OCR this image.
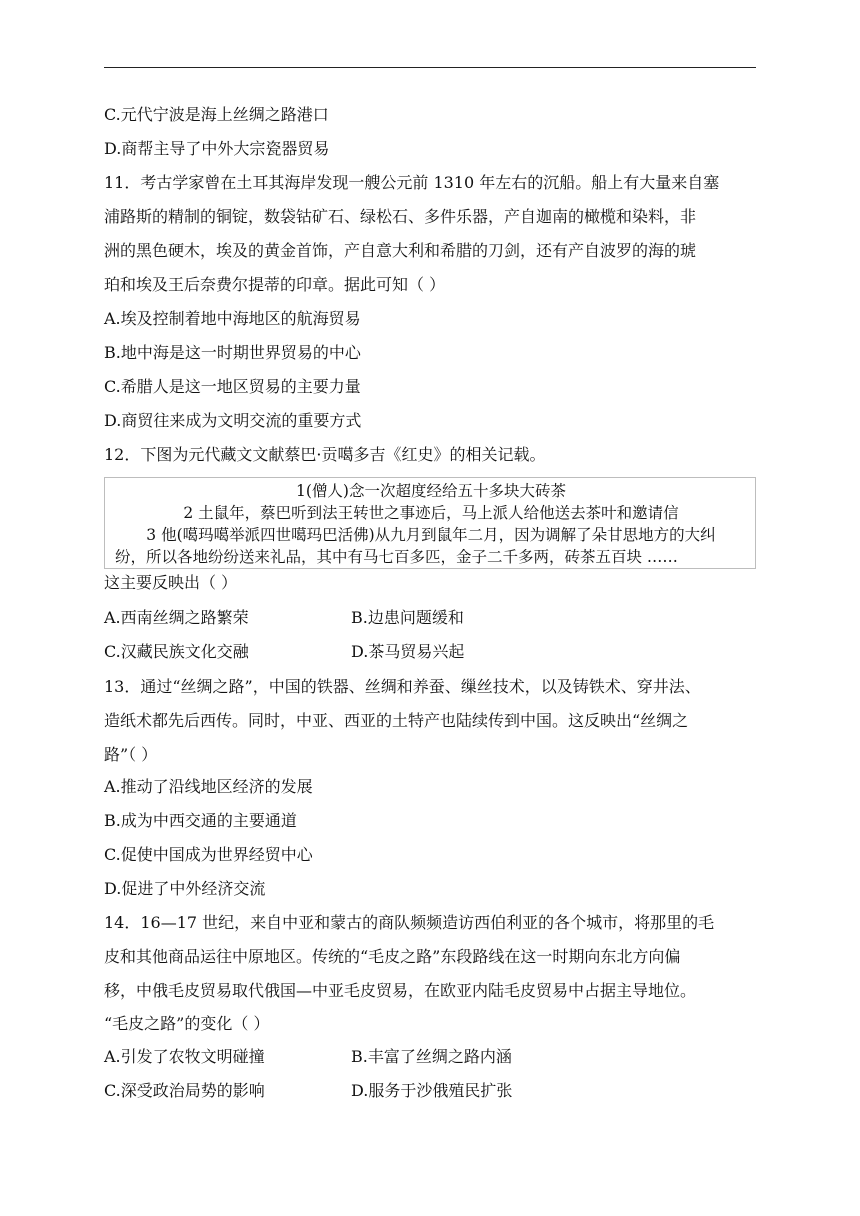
C.元代宁波是海上丝绸之路港口
D.商帮主导了中外大宗瓷器贸易
11．考古学家曾在土耳其海岸发现一艘公元前 1310 年左右的沉船。船上有大量来自塞
浦路斯的精制的铜锭，数袋钴矿石、绿松石、多件乐器，产自迦南的橄榄和染料，非
洲的黑色硬木，埃及的黄金首饰，产自意大利和希腊的刀剑，还有产自波罗的海的琥
珀和埃及王后奈费尔提蒂的印章。据此可知（ ）
A.埃及控制着地中海地区的航海贸易
B.地中海是这一时期世界贸易的中心
C.希腊人是这一地区贸易的主要力量
D.商贸往来成为文明交流的重要方式
12．下图为元代藏文文献蔡巴·贡噶多吉《红史》的相关记载。
1(僧人)念一次超度经给五十多块大砖茶
2 土鼠年，蔡巴听到法王转世之事迹后，马上派人给他送去茶叶和邀请信
3 他(噶玛噶举派四世噶玛巴活佛)从九月到鼠年二月，因为调解了朵甘思地方的大纠
纷，所以各地纷纷送来礼品，其中有马七百多匹，金子二千多两，砖茶五百块 ……
这主要反映出（ ）
A.西南丝绸之路繁荣	B.边患问题缓和
C.汉藏民族文化交融	D.茶马贸易兴起
13．通过“丝绸之路”，中国的铁器、丝绸和养蚕、缫丝技术，以及铸铁术、穿井法、
造纸术都先后西传。同时，中亚、西亚的土特产也陆续传到中国。这反映出“丝绸之
路”（ ）
A.推动了沿线地区经济的发展
B.成为中西交通的主要通道
C.促使中国成为世界经贸中心
D.促进了中外经济交流
14．16—17 世纪，来自中亚和蒙古的商队频频造访西伯利亚的各个城市，将那里的毛
皮和其他商品运往中原地区。传统的“毛皮之路”东段路线在这一时期向东北方向偏
移，中俄毛皮贸易取代俄国—中亚毛皮贸易，在欧亚内陆毛皮贸易中占据主导地位。
“毛皮之路”的变化（ ）
A.引发了农牧文明碰撞	B.丰富了丝绸之路内涵
C.深受政治局势的影响	D.服务于沙俄殖民扩张
